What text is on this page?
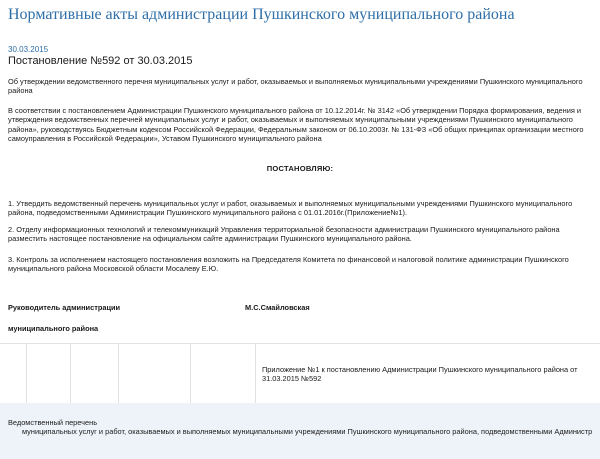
Нормативные акты администрации Пушкинского муниципального района
30.03.2015
Постановление №592 от 30.03.2015

Об утверждении ведомственного перечня муниципальных услуг и работ, оказываемых и выполняемых муниципальными учреждениями Пушкинского муниципального района

В соответствии с постановлением Администрации Пушкинского муниципального района от 10.12.2014г. № 3142 «Об утверждении Порядка формирования, ведения и утверждения ведомственных перечней муниципальных услуг и работ, оказываемых и выполняемых муниципальными учреждениями Пушкинского муниципального района», руководствуясь Бюджетным кодексом Российской Федерации, Федеральным законом от 06.10.2003г. № 131-ФЗ «Об общих принципах организации местного самоуправления в Российской Федерации», Уставом Пушкинского муниципального района

ПОСТАНОВЛЯЮ:

1. Утвердить ведомственный перечень муниципальных услуг и работ, оказываемых и выполняемых муниципальными учреждениями Пушкинского муниципального района, подведомственными Администрации Пушкинского муниципального района с 01.01.2016г.(Приложение№1).

2. Отделу информационных технологий и телекоммуникаций Управления территориальной безопасности администрации Пушкинского муниципального района разместить настоящее постановление на официальном сайте администрации Пушкинского муниципального района.

3. Контроль за исполнением настоящего постановления возложить на Председателя Комитета по финансовой и налоговой политике администрации Пушкинского муниципального района Московской области Мосалеву Е.Ю.

Руководитель администрации	М.С.Смайловская
муниципального района
Приложение №1 к постановлению Администрации Пушкинского муниципального района от 31.03.2015 №592
Ведомственный перечень
муниципальных услуг и работ, оказываемых и выполняемых муниципальными учреждениями Пушкинского муниципального района, подведомственными Администр
